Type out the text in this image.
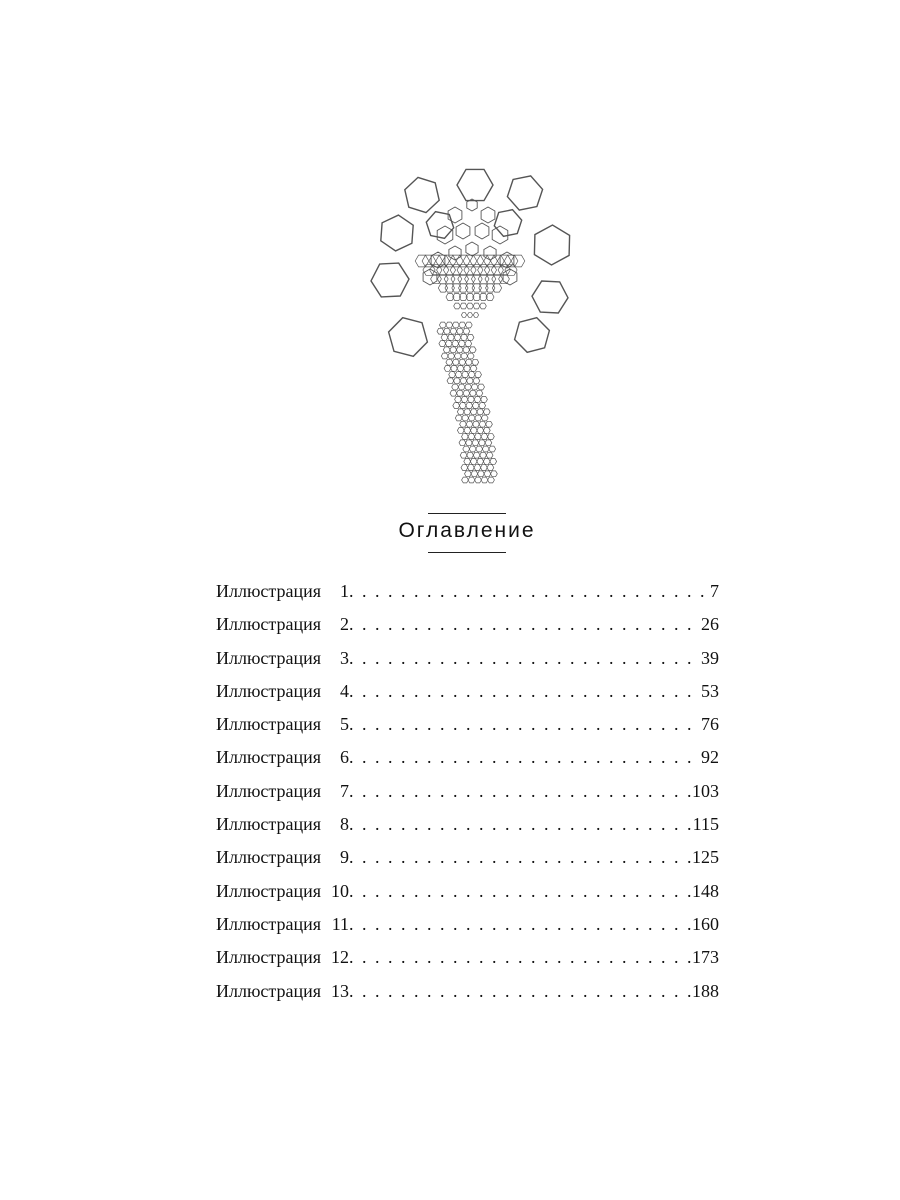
Оглавление
Иллюстрация	1 . . .	7
Иллюстрация	2 . . .	26
Иллюстрация	3 . . .	39
Иллюстрация	4 . . .	53
Иллюстрация	5 . . .	76
Иллюстрация	6 . . .	92
Иллюстрация	7 . . .	103
Иллюстрация	8 . . .	115
Иллюстрация	9 . . .	125
Иллюстрация 10 . . .	148
Иллюстрация 11 . . .	160
Иллюстрация 12 . . .	173
Иллюстрация 13 . . .	188
